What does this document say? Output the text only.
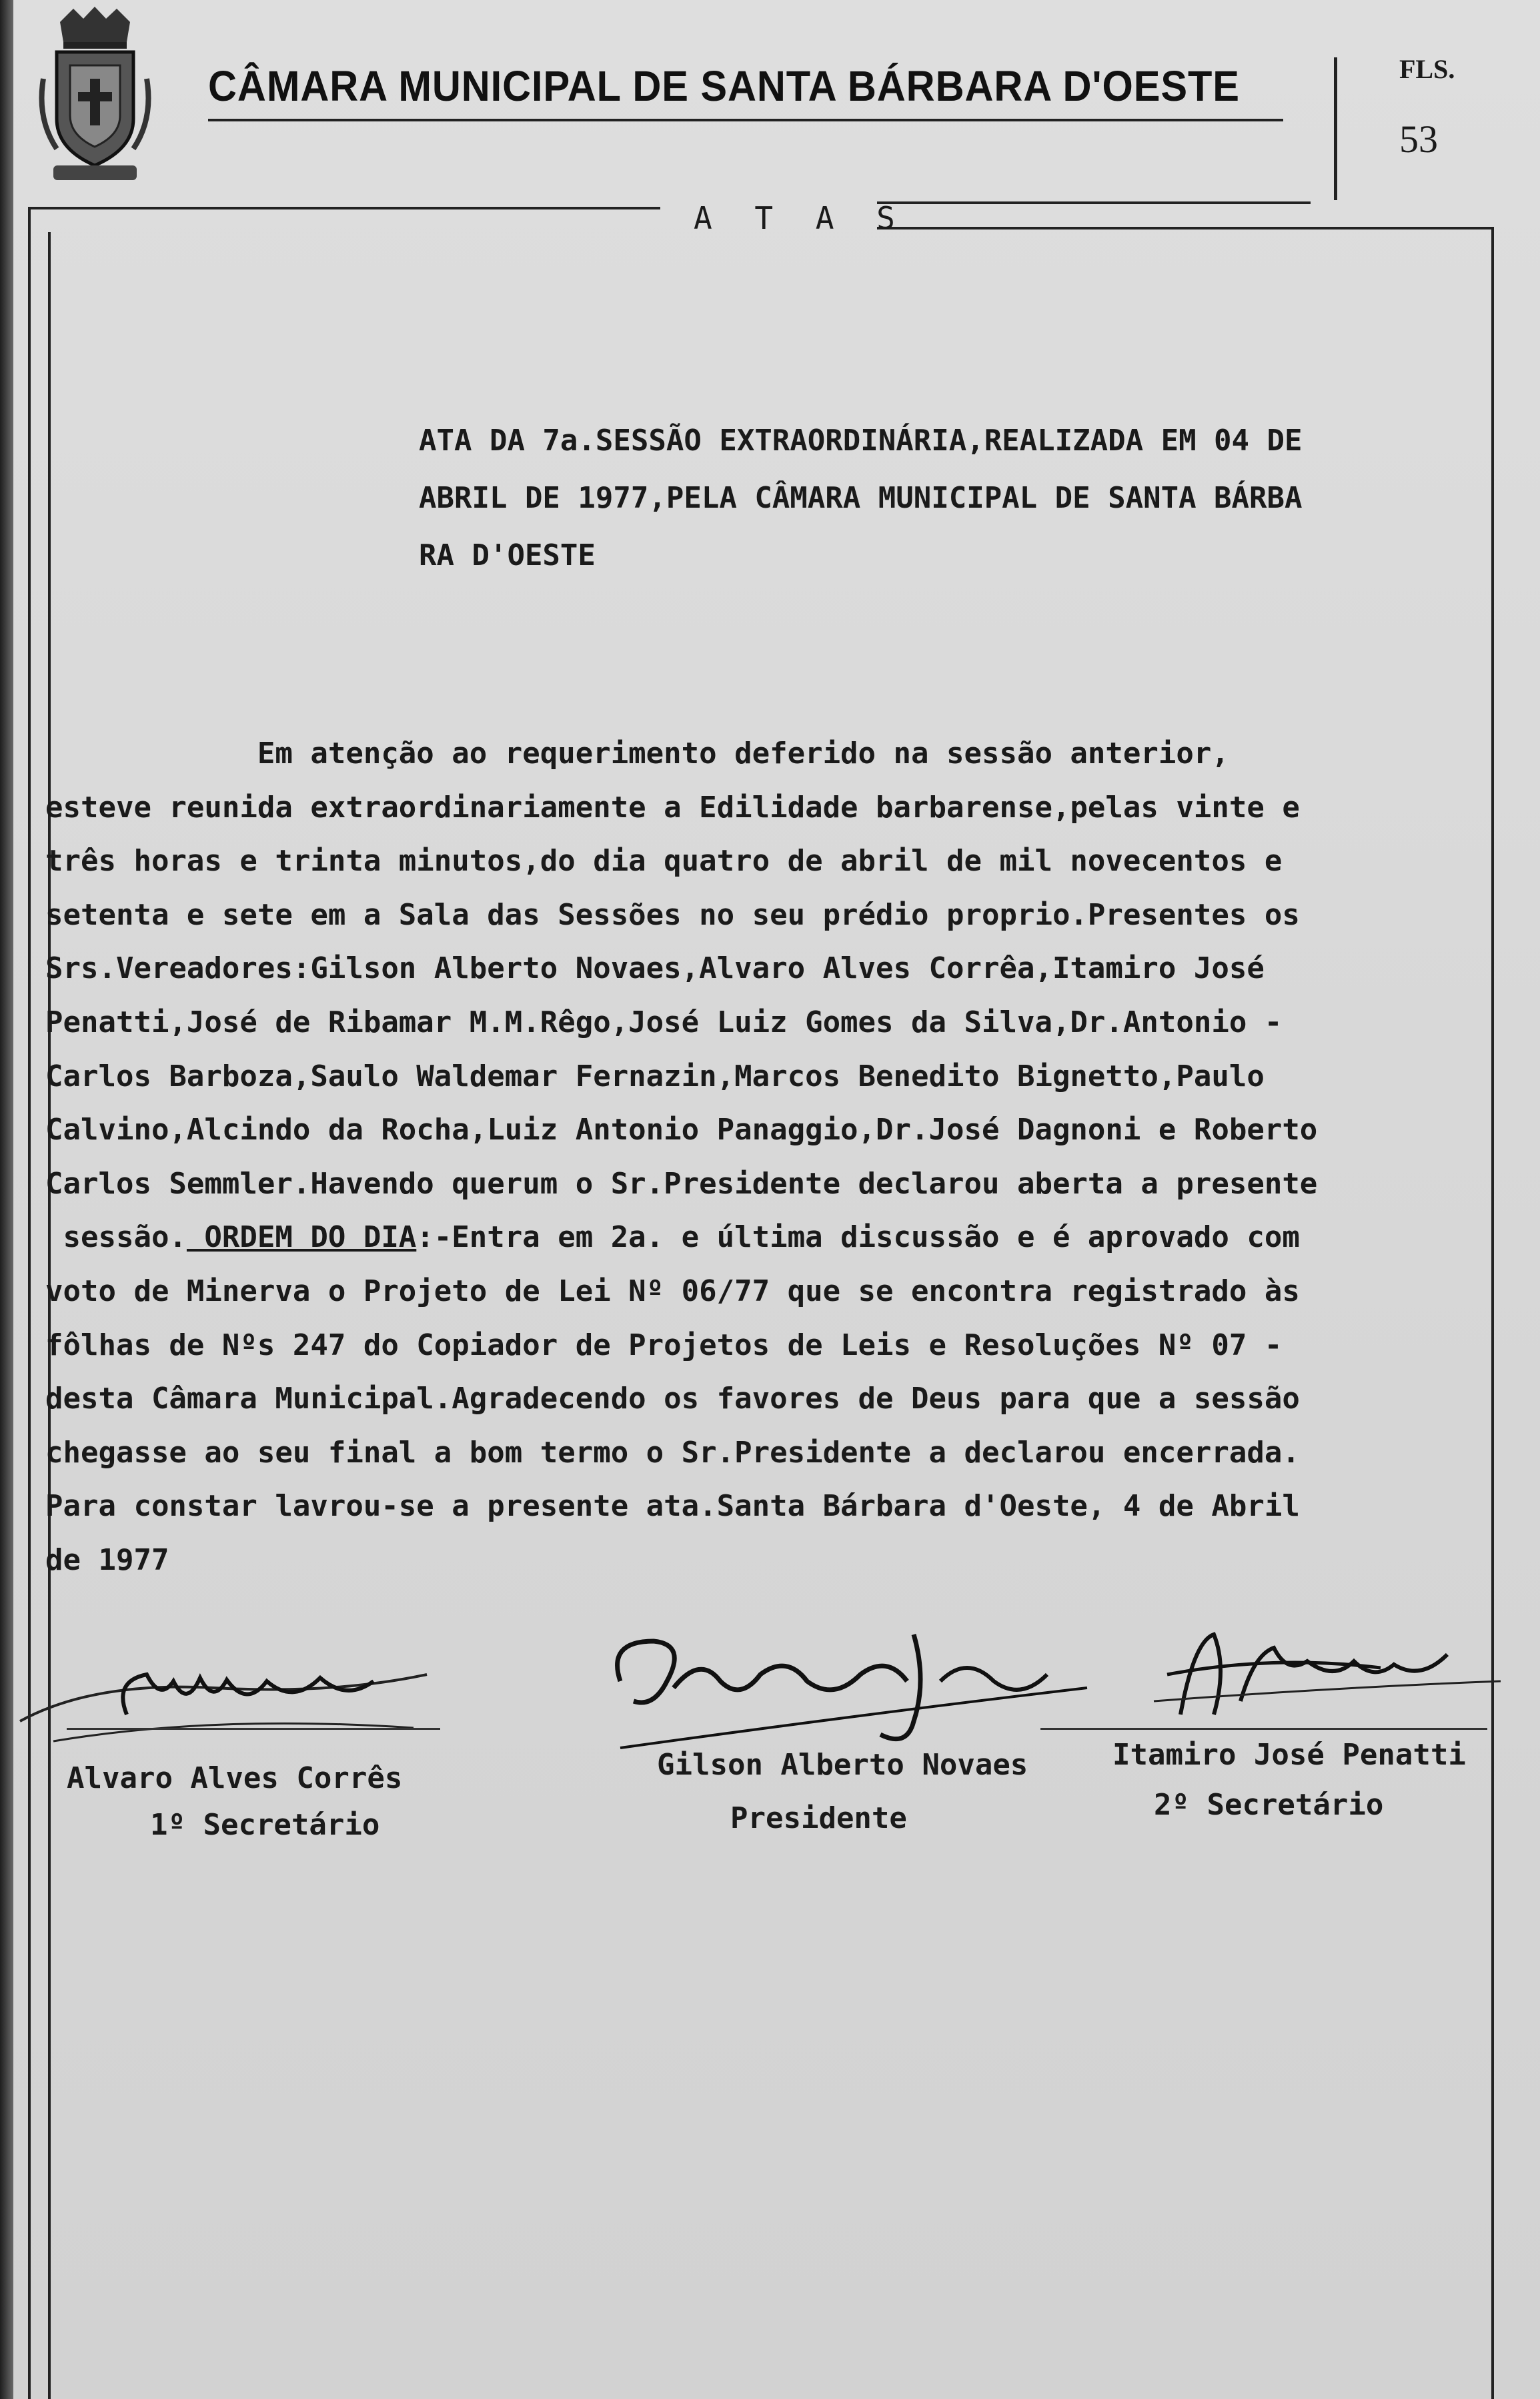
CÂMARA MUNICIPAL DE SANTA BÁRBARA D'OESTE	FLS.
53
A T A S
ATA DA 7a.SESSÃO EXTRAORDINÁRIA,REALIZADA EM 04 DE
ABRIL DE 1977,PELA CÂMARA MUNICIPAL DE SANTA BÁRBA
RA D'OESTE
Em atenção ao requerimento deferido na sessão anterior,
esteve reunida extraordinariamente a Edilidade barbarense,pelas vinte e
três horas e trinta minutos,do dia quatro de abril de mil novecentos e
setenta e sete em a Sala das Sessões no seu prédio proprio.Presentes os
Srs.Vereadores:Gilson Alberto Novaes,Alvaro Alves Corrêa,Itamiro José
Penatti,José de Ribamar M.M.Rêgo,José Luiz Gomes da Silva,Dr.Antonio -
Carlos Barboza,Saulo Waldemar Fernazin,Marcos Benedito Bignetto,Paulo
Calvino,Alcindo da Rocha,Luiz Antonio Panaggio,Dr.José Dagnoni e Roberto
Carlos Semmler.Havendo querum o Sr.Presidente declarou aberta a presente
sessão. ORDEM DO DIA:-Entra em 2a. e última discussão e é aprovado com
voto de Minerva o Projeto de Lei Nº 06/77 que se encontra registrado às
fôlhas de Nºs 247 do Copiador de Projetos de Leis e Resoluções Nº 07 -
desta Câmara Municipal.Agradecendo os favores de Deus para que a sessão
chegasse ao seu final a bom termo o Sr.Presidente a declarou encerrada.
Para constar lavrou-se a presente ata.Santa Bárbara d'Oeste, 4 de Abril
de 1977
Alvaro Alves Corrês
1º Secretário
Gilson Alberto Novaes
Presidente
Itamiro José Penatti
2º Secretário
